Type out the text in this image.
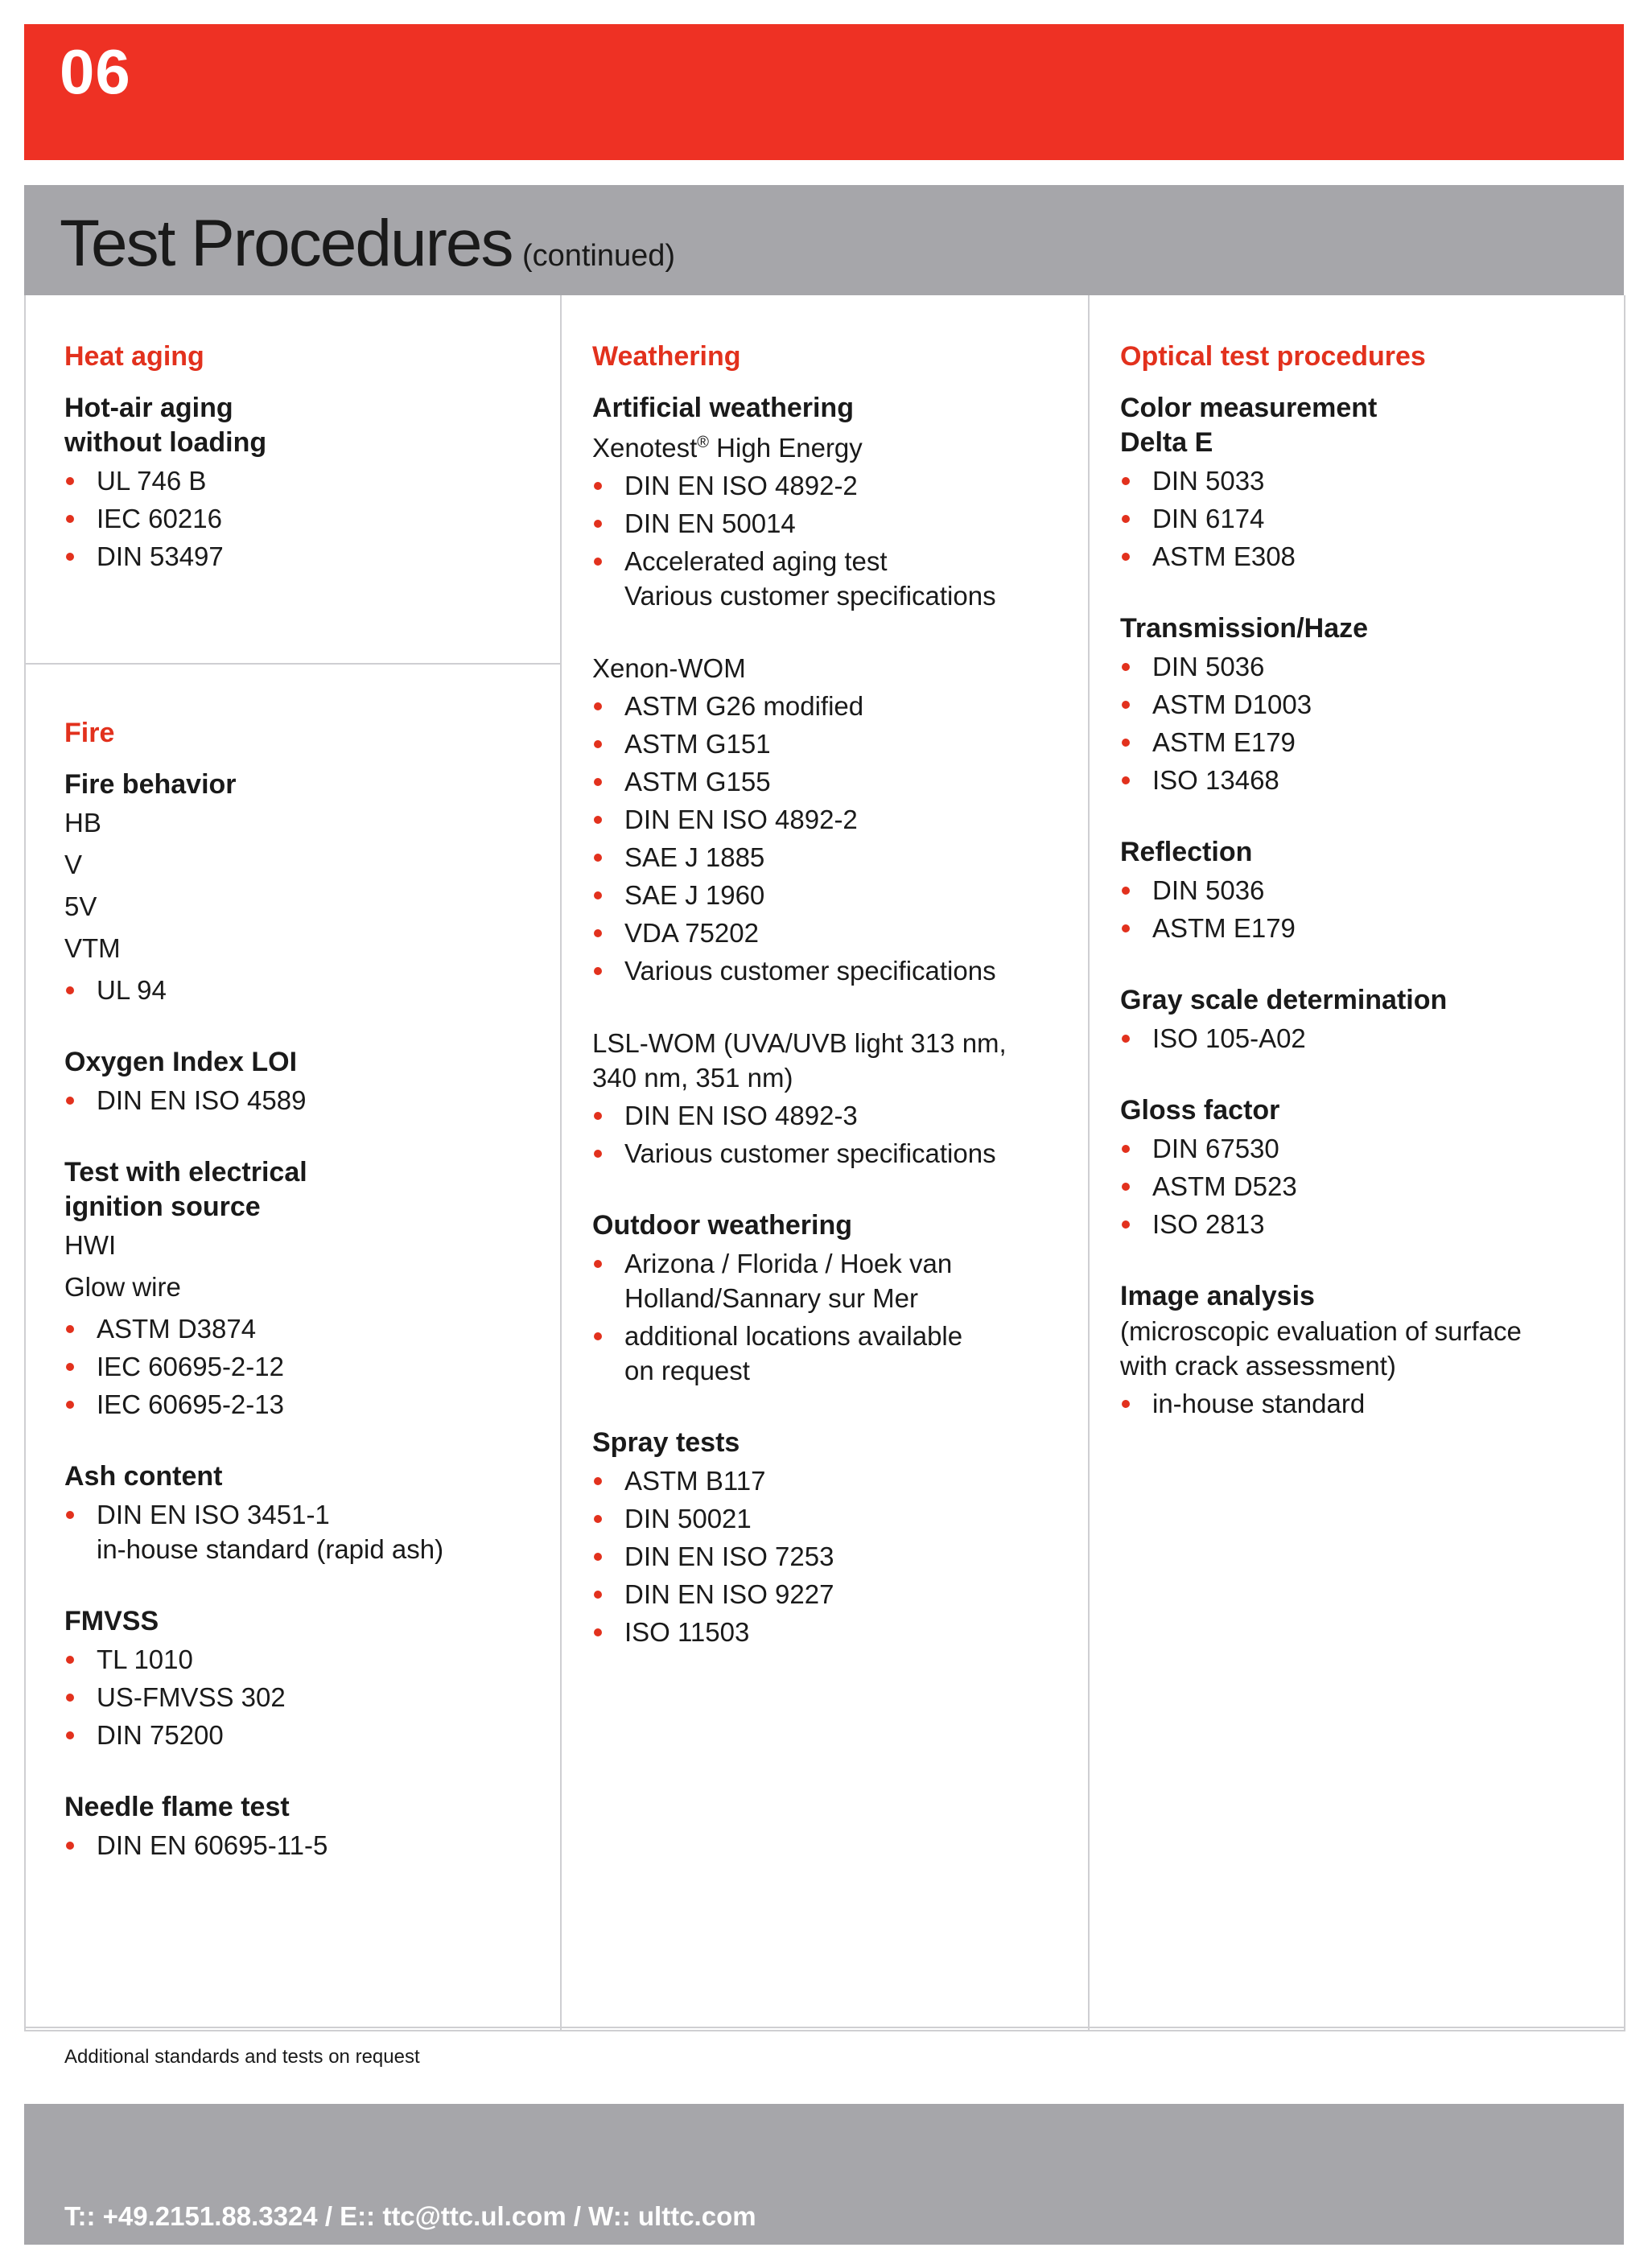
06
Test Procedures (continued)
Heat aging
Hot-air aging
without loading
UL 746 B
IEC 60216
DIN 53497
Fire
Fire behavior
HB
V
5V
VTM
UL 94
Oxygen Index LOI
DIN EN ISO 4589
Test with electrical
ignition source
HWI
Glow wire
ASTM D3874
IEC 60695-2-12
IEC 60695-2-13
Ash content
DIN EN ISO 3451-1
in-house standard (rapid ash)
FMVSS
TL 1010
US-FMVSS 302
DIN 75200
Needle flame test
DIN EN 60695-11-5
Weathering
Artificial weathering
Xenotest® High Energy
DIN EN ISO 4892-2
DIN EN 50014
Accelerated aging test
Various customer specifications
Xenon-WOM
ASTM G26 modified
ASTM G151
ASTM G155
DIN EN ISO 4892-2
SAE J 1885
SAE J 1960
VDA 75202
Various customer specifications
LSL-WOM (UVA/UVB light 313 nm,
340 nm, 351 nm)
DIN EN ISO 4892-3
Various customer specifications
Outdoor weathering
Arizona / Florida / Hoek van
Holland/Sannary sur Mer
additional locations available
on request
Spray tests
ASTM B117
DIN 50021
DIN EN ISO 7253
DIN EN ISO 9227
ISO 11503
Optical test procedures
Color measurement
Delta E
DIN 5033
DIN 6174
ASTM E308
Transmission/Haze
DIN 5036
ASTM D1003
ASTM E179
ISO 13468
Reflection
DIN 5036
ASTM E179
Gray scale determination
ISO 105-A02
Gloss factor
DIN 67530
ASTM D523
ISO 2813
Image analysis
(microscopic evaluation of surface
with crack assessment)
in-house standard
Additional standards and tests on request
T:: +49.2151.88.3324 / E:: ttc@ttc.ul.com / W:: ulttc.com
